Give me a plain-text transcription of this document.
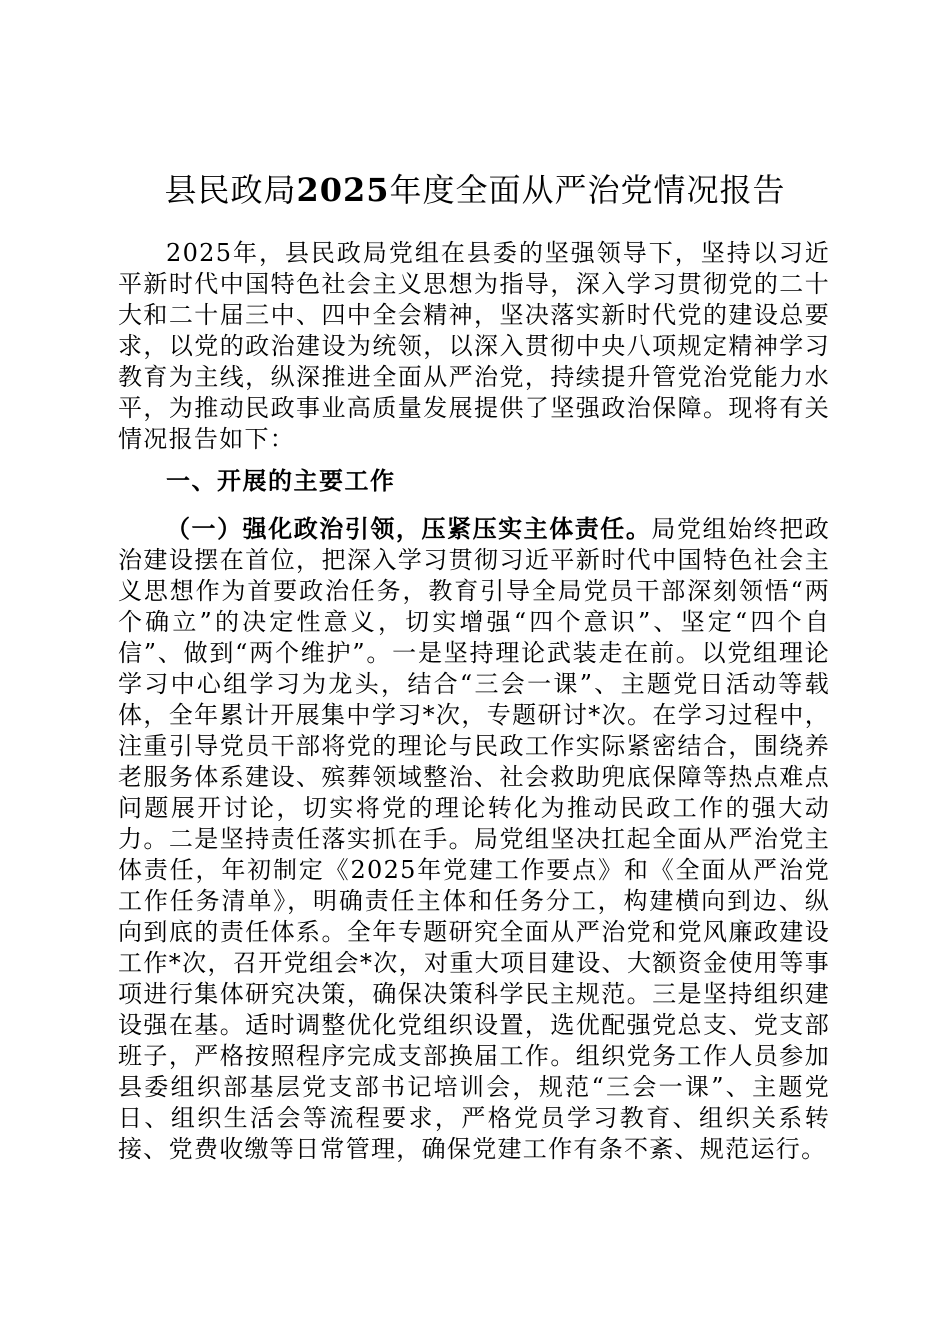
县民政局2025年度全面从严治党情况报告

2025年，县民政局党组在县委的坚强领导下，坚持以习近平新时代中国特色社会主义思想为指导，深入学习贯彻党的二十大和二十届三中、四中全会精神，坚决落实新时代党的建设总要求，以党的政治建设为统领，以深入贯彻中央八项规定精神学习教育为主线，纵深推进全面从严治党，持续提升管党治党能力水平，为推动民政事业高质量发展提供了坚强政治保障。现将有关情况报告如下：

一、开展的主要工作

（一）强化政治引领，压紧压实主体责任。局党组始终把政治建设摆在首位，把深入学习贯彻习近平新时代中国特色社会主义思想作为首要政治任务，教育引导全局党员干部深刻领悟“两个确立”的决定性意义，切实增强“四个意识”、坚定“四个自信”、做到“两个维护”。一是坚持理论武装走在前。以党组理论学习中心组学习为龙头，结合“三会一课”、主题党日活动等载体，全年累计开展集中学习*次，专题研讨*次。在学习过程中，注重引导党员干部将党的理论与民政工作实际紧密结合，围绕养老服务体系建设、殡葬领域整治、社会救助兜底保障等热点难点问题展开讨论，切实将党的理论转化为推动民政工作的强大动力。二是坚持责任落实抓在手。局党组坚决扛起全面从严治党主体责任，年初制定《2025年党建工作要点》和《全面从严治党工作任务清单》，明确责任主体和任务分工，构建横向到边、纵向到底的责任体系。全年专题研究全面从严治党和党风廉政建设工作*次，召开党组会*次，对重大项目建设、大额资金使用等事项进行集体研究决策，确保决策科学民主规范。三是坚持组织建设强在基。适时调整优化党组织设置，选优配强党总支、党支部班子，严格按照程序完成支部换届工作。组织党务工作人员参加县委组织部基层党支部书记培训会，规范“三会一课”、主题党日、组织生活会等流程要求，严格党员学习教育、组织关系转接、党费收缴等日常管理，确保党建工作有条不紊、规范运行。
